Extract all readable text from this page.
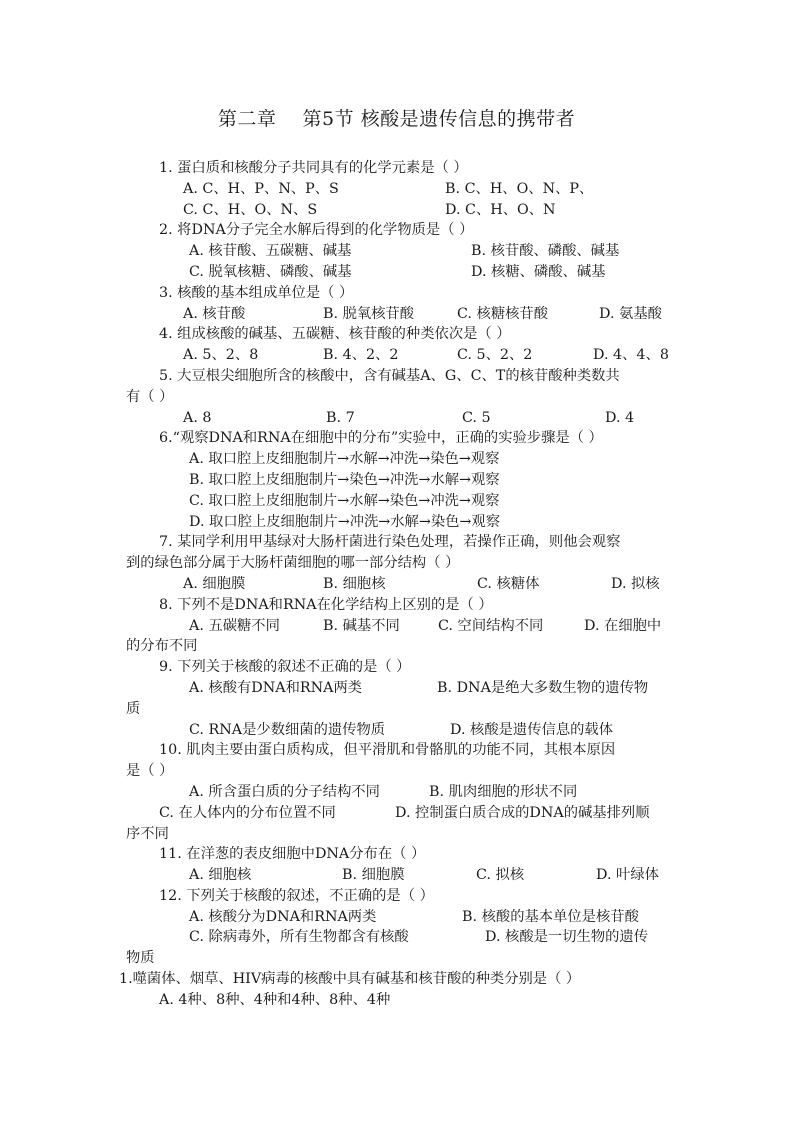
第二章    第5节 核酸是遗传信息的携带者
1. 蛋白质和核酸分子共同具有的化学元素是（ ）
A. C、H、P、N、P、S	B. C、H、O、N、P、
C. C、H、O、N、S	D. C、H、O、N
2. 将DNA分子完全水解后得到的化学物质是（ ）
A. 核苷酸、五碳糖、碱基	B. 核苷酸、磷酸、碱基
C. 脱氧核糖、磷酸、碱基	D. 核糖、磷酸、碱基
3. 核酸的基本组成单位是（ ）
A. 核苷酸	B. 脱氧核苷酸	C. 核糖核苷酸	D. 氨基酸
4. 组成核酸的碱基、五碳糖、核苷酸的种类依次是（ ）
A. 5、2、8	B. 4、2、2	C. 5、2、2	D. 4、4、8
5. 大豆根尖细胞所含的核酸中，含有碱基A、G、C、T的核苷酸种类数共
有（ ）
A. 8	B. 7	C. 5	D. 4
6.“观察DNA和RNA在细胞中的分布”实验中，正确的实验步骤是（ ）
A. 取口腔上皮细胞制片→水解→冲洗→染色→观察
B. 取口腔上皮细胞制片→染色→冲洗→水解→观察
C. 取口腔上皮细胞制片→水解→染色→冲洗→观察
D. 取口腔上皮细胞制片→冲洗→水解→染色→观察
7. 某同学利用甲基绿对大肠杆菌进行染色处理，若操作正确，则他会观察
到的绿色部分属于大肠杆菌细胞的哪一部分结构（ ）
A. 细胞膜	B. 细胞核	C. 核糖体	D. 拟核
8. 下列不是DNA和RNA在化学结构上区别的是（ ）
A. 五碳糖不同	B. 碱基不同	C. 空间结构不同	D. 在细胞中
的分布不同
9. 下列关于核酸的叙述不正确的是（ ）
A. 核酸有DNA和RNA两类	B. DNA是绝大多数生物的遗传物
质
C. RNA是少数细菌的遗传物质	D. 核酸是遗传信息的载体
10. 肌肉主要由蛋白质构成，但平滑肌和骨骼肌的功能不同，其根本原因
是（ ）
A. 所含蛋白质的分子结构不同	B. 肌肉细胞的形状不同
C. 在人体内的分布位置不同	D. 控制蛋白质合成的DNA的碱基排列顺
序不同
11. 在洋葱的表皮细胞中DNA分布在（ ）
A. 细胞核	B. 细胞膜	C. 拟核	D. 叶绿体
12. 下列关于核酸的叙述，不正确的是（ ）
A. 核酸分为DNA和RNA两类	B. 核酸的基本单位是核苷酸
C. 除病毒外，所有生物都含有核酸	D. 核酸是一切生物的遗传
物质
1.噬菌体、烟草、HIV病毒的核酸中具有碱基和核苷酸的种类分别是（ ）
A. 4种、8种、4种和4种、8种、4种
